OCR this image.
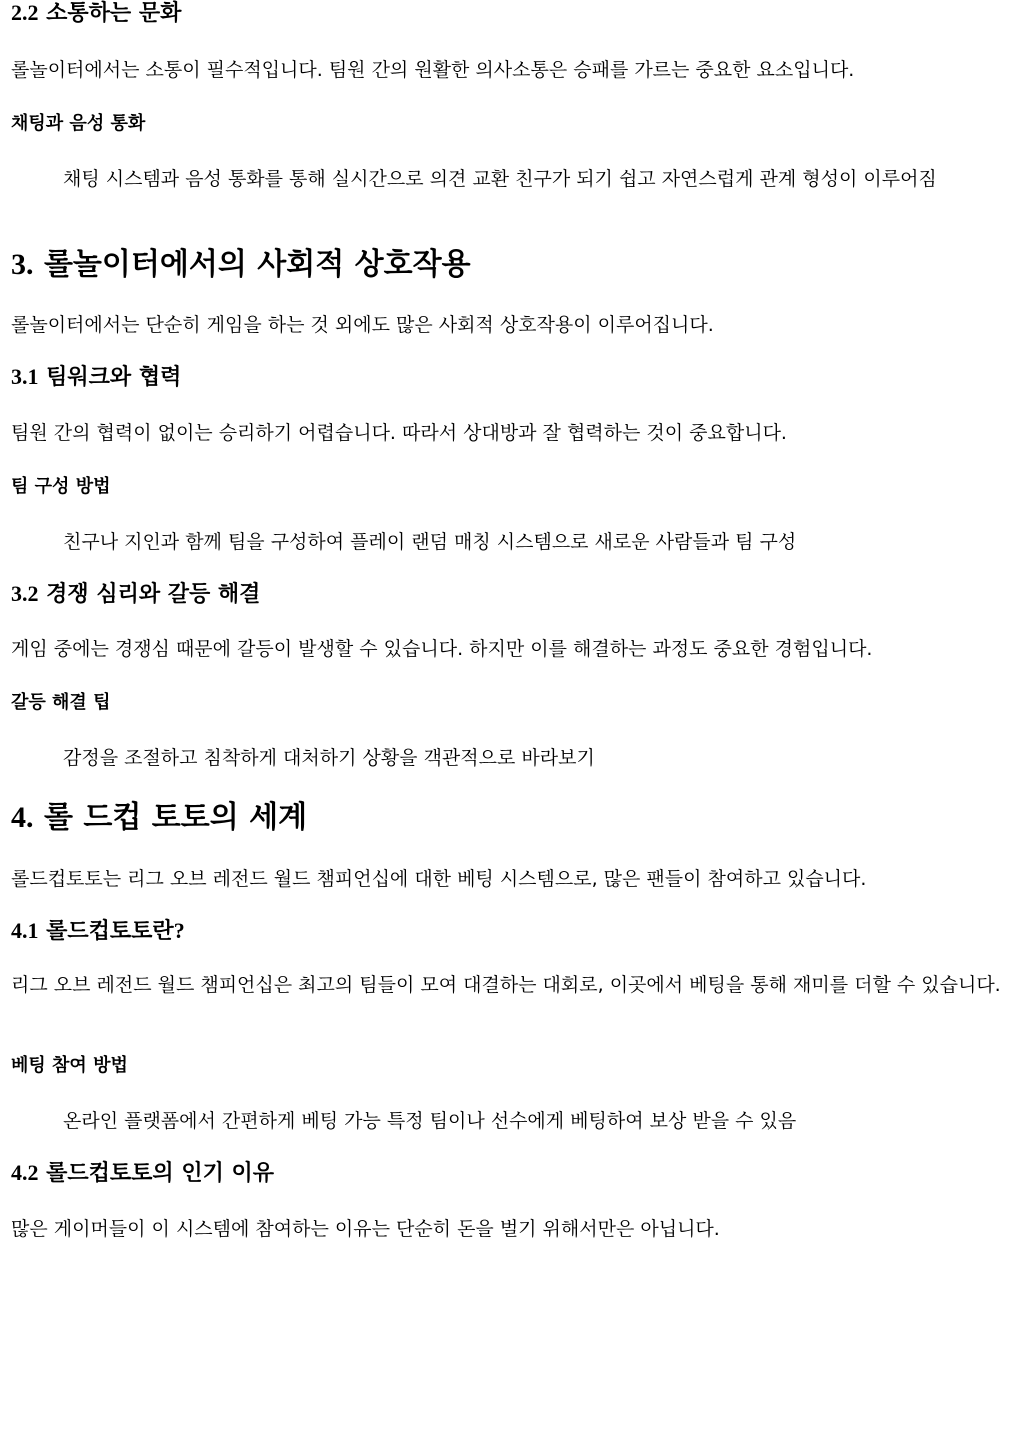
2.2 소통하는 문화

롤놀이터에서는 소통이 필수적입니다. 팀원 간의 원활한 의사소통은 승패를 가르는 중요한 요소입니다.

채팅과 음성 통화

채팅 시스템과 음성 통화를 통해 실시간으로 의견 교환 친구가 되기 쉽고 자연스럽게 관계 형성이 이루어짐

3. 롤놀이터에서의 사회적 상호작용

롤놀이터에서는 단순히 게임을 하는 것 외에도 많은 사회적 상호작용이 이루어집니다.

3.1 팀워크와 협력

팀원 간의 협력이 없이는 승리하기 어렵습니다. 따라서 상대방과 잘 협력하는 것이 중요합니다.

팀 구성 방법

친구나 지인과 함께 팀을 구성하여 플레이 랜덤 매칭 시스템으로 새로운 사람들과 팀 구성

3.2 경쟁 심리와 갈등 해결

게임 중에는 경쟁심 때문에 갈등이 발생할 수 있습니다. 하지만 이를 해결하는 과정도 중요한 경험입니다.

갈등 해결 팁

감정을 조절하고 침착하게 대처하기 상황을 객관적으로 바라보기

4. 롤 드컵 토토의 세계

롤드컵토토는 리그 오브 레전드 월드 챔피언십에 대한 베팅 시스템으로, 많은 팬들이 참여하고 있습니다.

4.1 롤드컵토토란?

리그 오브 레전드 월드 챔피언십은 최고의 팀들이 모여 대결하는 대회로, 이곳에서 베팅을 통해 재미를 더할 수 있습니다.

베팅 참여 방법

온라인 플랫폼에서 간편하게 베팅 가능 특정 팀이나 선수에게 베팅하여 보상 받을 수 있음

4.2 롤드컵토토의 인기 이유

많은 게이머들이 이 시스템에 참여하는 이유는 단순히 돈을 벌기 위해서만은 아닙니다.
